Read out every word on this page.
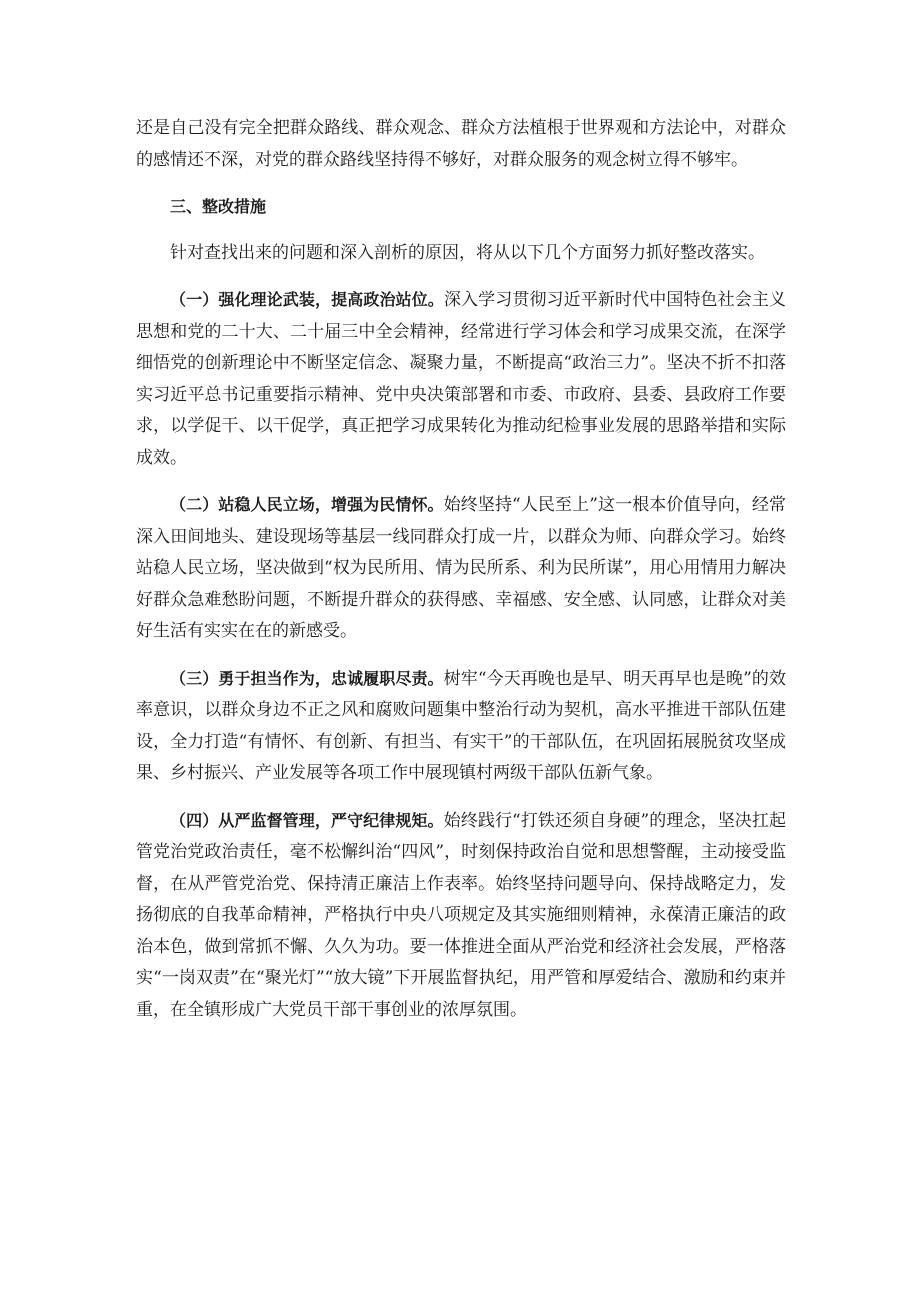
还是自己没有完全把群众路线、群众观念、群众方法植根于世界观和方法论中，对群众的感情还不深，对党的群众路线坚持得不够好，对群众服务的观念树立得不够牢。

三、整改措施

针对查找出来的问题和深入剖析的原因，将从以下几个方面努力抓好整改落实。

（一）强化理论武装，提高政治站位。深入学习贯彻习近平新时代中国特色社会主义思想和党的二十大、二十届三中全会精神，经常进行学习体会和学习成果交流，在深学细悟党的创新理论中不断坚定信念、凝聚力量，不断提高“政治三力”。坚决不折不扣落实习近平总书记重要指示精神、党中央决策部署和市委、市政府、县委、县政府工作要求，以学促干、以干促学，真正把学习成果转化为推动纪检事业发展的思路举措和实际成效。

（二）站稳人民立场，增强为民情怀。始终坚持“人民至上”这一根本价值导向，经常深入田间地头、建设现场等基层一线同群众打成一片，以群众为师、向群众学习。始终站稳人民立场，坚决做到“权为民所用、情为民所系、利为民所谋”，用心用情用力解决好群众急难愁盼问题，不断提升群众的获得感、幸福感、安全感、认同感，让群众对美好生活有实实在在的新感受。

（三）勇于担当作为，忠诚履职尽责。树牢“今天再晚也是早、明天再早也是晚”的效率意识，以群众身边不正之风和腐败问题集中整治行动为契机，高水平推进干部队伍建设，全力打造“有情怀、有创新、有担当、有实干”的干部队伍，在巩固拓展脱贫攻坚成果、乡村振兴、产业发展等各项工作中展现镇村两级干部队伍新气象。

（四）从严监督管理，严守纪律规矩。始终践行“打铁还须自身硬”的理念，坚决扛起管党治党政治责任，毫不松懈纠治“四风”，时刻保持政治自觉和思想警醒，主动接受监督，在从严管党治党、保持清正廉洁上作表率。始终坚持问题导向、保持战略定力，发扬彻底的自我革命精神，严格执行中央八项规定及其实施细则精神，永葆清正廉洁的政治本色，做到常抓不懈、久久为功。要一体推进全面从严治党和经济社会发展，严格落实“一岗双责”在“聚光灯”“放大镜”下开展监督执纪，用严管和厚爱结合、激励和约束并重，在全镇形成广大党员干部干事创业的浓厚氛围。
